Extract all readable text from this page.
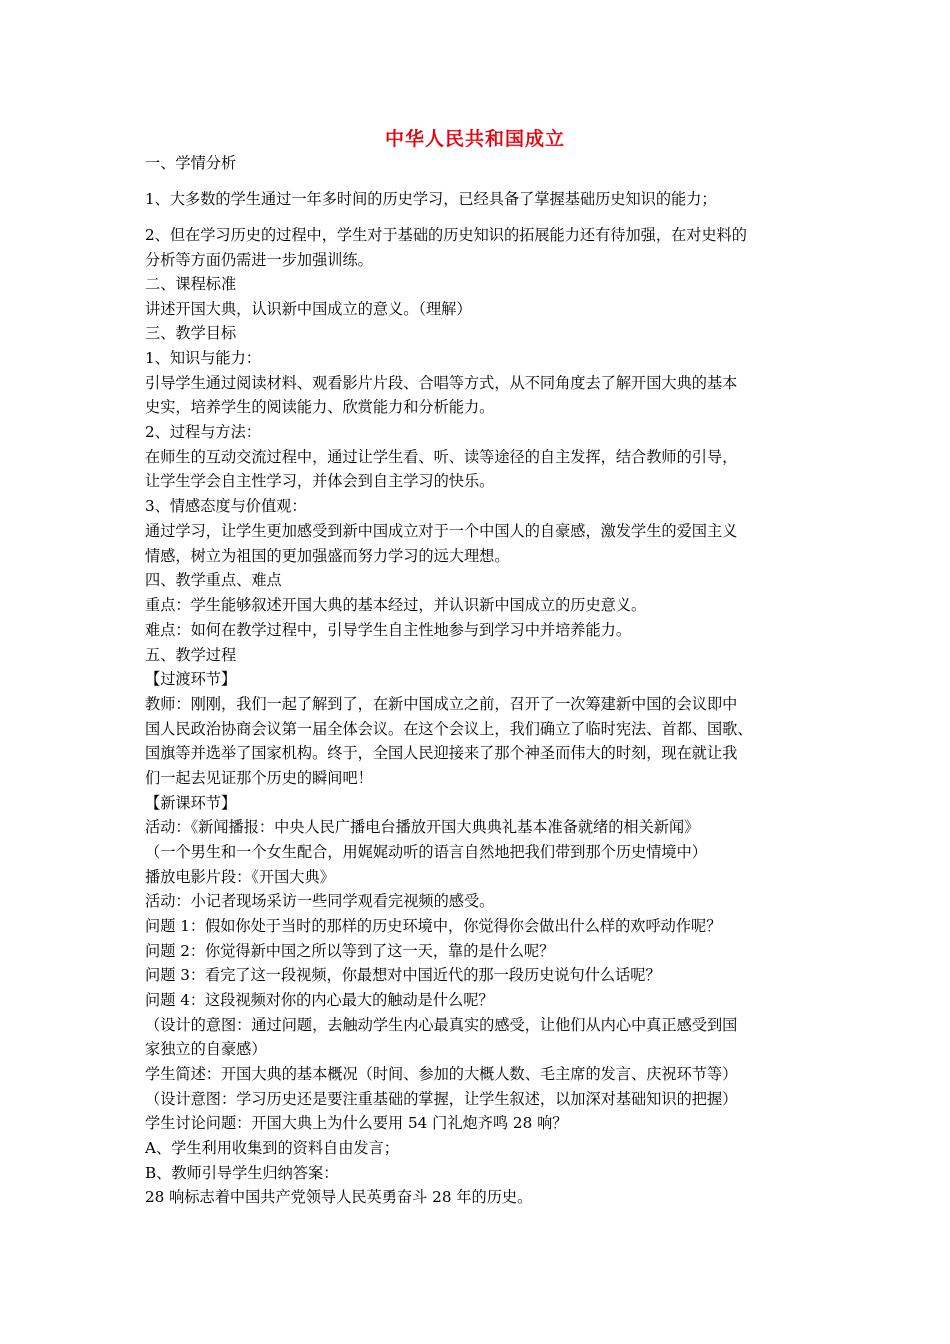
中华人民共和国成立
一、学情分析
1、大多数的学生通过一年多时间的历史学习，已经具备了掌握基础历史知识的能力；
2、但在学习历史的过程中，学生对于基础的历史知识的拓展能力还有待加强，在对史料的
分析等方面仍需进一步加强训练。
二、课程标准
讲述开国大典，认识新中国成立的意义。（理解）
三、教学目标
1、知识与能力：
引导学生通过阅读材料、观看影片片段、合唱等方式，从不同角度去了解开国大典的基本
史实，培养学生的阅读能力、欣赏能力和分析能力。
2、过程与方法：
在师生的互动交流过程中，通过让学生看、听、读等途径的自主发挥，结合教师的引导，
让学生学会自主性学习，并体会到自主学习的快乐。
3、情感态度与价值观：
通过学习，让学生更加感受到新中国成立对于一个中国人的自豪感，激发学生的爱国主义
情感，树立为祖国的更加强盛而努力学习的远大理想。
四、教学重点、难点
重点：学生能够叙述开国大典的基本经过，并认识新中国成立的历史意义。
难点：如何在教学过程中，引导学生自主性地参与到学习中并培养能力。
五、教学过程
【过渡环节】
教师：刚刚，我们一起了解到了，在新中国成立之前，召开了一次筹建新中国的会议即中
国人民政治协商会议第一届全体会议。在这个会议上，我们确立了临时宪法、首都、国歌、
国旗等并选举了国家机构。终于，全国人民迎接来了那个神圣而伟大的时刻，现在就让我
们一起去见证那个历史的瞬间吧！
【新课环节】
活动：《新闻播报：中央人民广播电台播放开国大典典礼基本准备就绪的相关新闻》
（一个男生和一个女生配合，用娓娓动听的语言自然地把我们带到那个历史情境中）
播放电影片段：《开国大典》
活动：小记者现场采访一些同学观看完视频的感受。
问题 1：假如你处于当时的那样的历史环境中，你觉得你会做出什么样的欢呼动作呢？
问题 2：你觉得新中国之所以等到了这一天，靠的是什么呢？
问题 3：看完了这一段视频，你最想对中国近代的那一段历史说句什么话呢？
问题 4：这段视频对你的内心最大的触动是什么呢？
（设计的意图：通过问题，去触动学生内心最真实的感受，让他们从内心中真正感受到国
家独立的自豪感）
学生简述：开国大典的基本概况（时间、参加的大概人数、毛主席的发言、庆祝环节等）
（设计意图：学习历史还是要注重基础的掌握，让学生叙述，以加深对基础知识的把握）
学生讨论问题：开国大典上为什么要用 54 门礼炮齐鸣 28 响？
A、学生利用收集到的资料自由发言；
B、教师引导学生归纳答案：
28 响标志着中国共产党领导人民英勇奋斗 28 年的历史。
